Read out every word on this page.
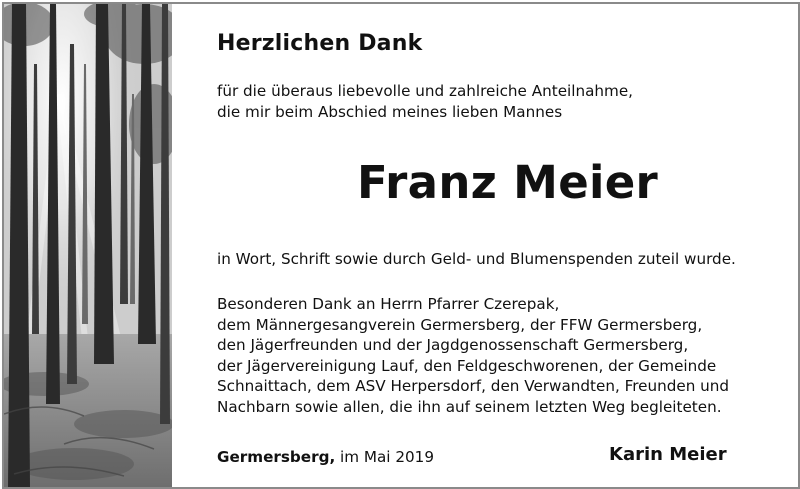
Herzlichen Dank
für die überaus liebevolle und zahlreiche Anteilnahme,
die mir beim Abschied meines lieben Mannes
Franz Meier
in Wort, Schrift sowie durch Geld- und Blumenspenden zuteil wurde.
Besonderen Dank an Herrn Pfarrer Czerepak,
dem Männergesangverein Germersberg, der FFW Germersberg,
den Jägerfreunden und der Jagdgenossenschaft Germersberg,
der Jägervereinigung Lauf, den Feldgeschworenen, der Gemeinde
Schnaittach, dem ASV Herpersdorf, den Verwandten, Freunden und
Nachbarn sowie allen, die ihn auf seinem letzten Weg begleiteten.
Germersberg, im Mai 2019	Karin Meier
